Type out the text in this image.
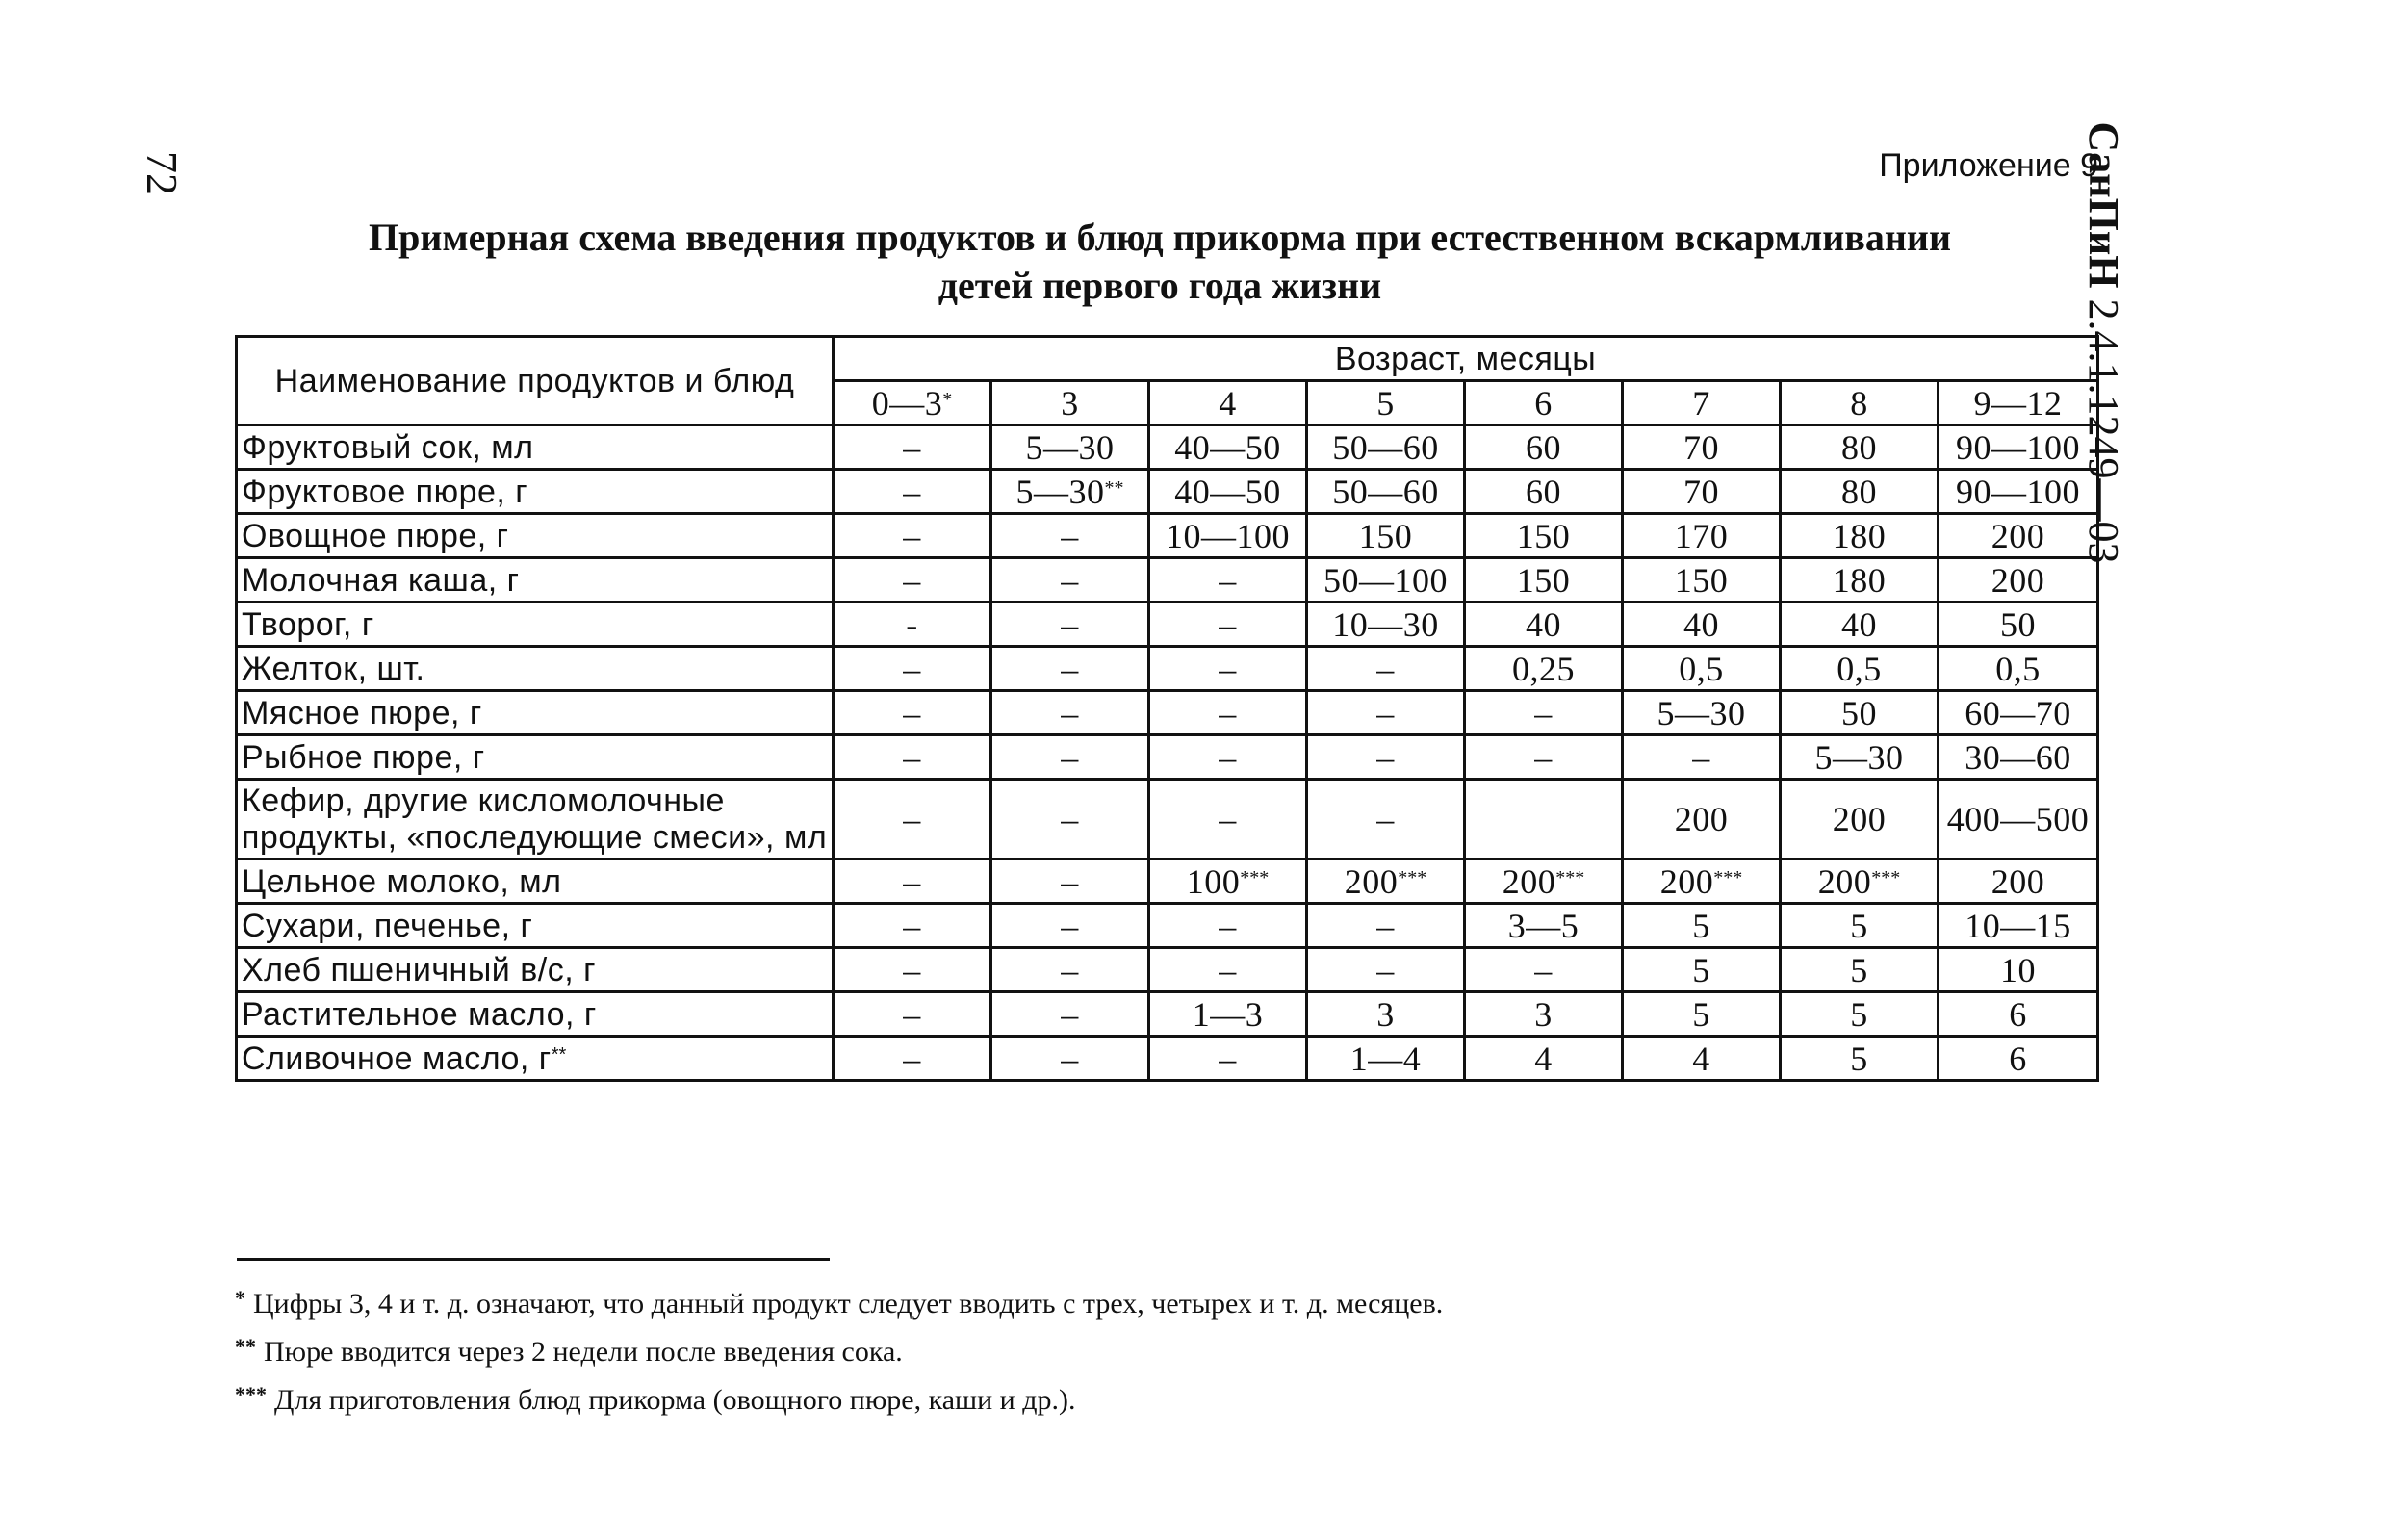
72	СанПиН 2.4.1.1249—03
Приложение 9
Примерная схема введения продуктов и блюд прикорма при естественном вскармливании
детей первого года жизни
Наименование продуктов и блюд	Возраст, месяцы							
	0—3*	3	4	5	6	7	8	9—12
Фруктовый сок, мл	–	5—30	40—50	50—60	60	70	80	90—100
Фруктовое пюре, г	–	5—30**	40—50	50—60	60	70	80	90—100
Овощное пюре, г	–	–	10—100	150	150	170	180	200
Молочная каша, г	–	–	–	50—100	150	150	180	200
Творог, г	-	–	–	10—30	40	40	40	50
Желток, шт.	–	–	–	–	0,25	0,5	0,5	0,5
Мясное пюре, г	–	–	–	–	–	5—30	50	60—70
Рыбное пюре, г	–	–	–	–	–	–	5—30	30—60
Кефир, другие кисломолочные продукты, «последующие смеси», мл	–	–	–	–		200	200	400—500
Цельное молоко, мл	–	–	100***	200***	200***	200***	200***	200
Сухари, печенье, г	–	–	–	–	3—5	5	5	10—15
Хлеб пшеничный в/с, г	–	–	–	–	–	5	5	10
Растительное масло, г	–	–	1—3	3	3	5	5	6
Сливочное масло, г**	–	–	–	1—4	4	4	5	6
* Цифры 3, 4 и т. д. означают, что данный продукт следует вводить с трех, четырех и т. д. месяцев.
** Пюре вводится через 2 недели после введения сока.
*** Для приготовления блюд прикорма (овощного пюре, каши и др.).
